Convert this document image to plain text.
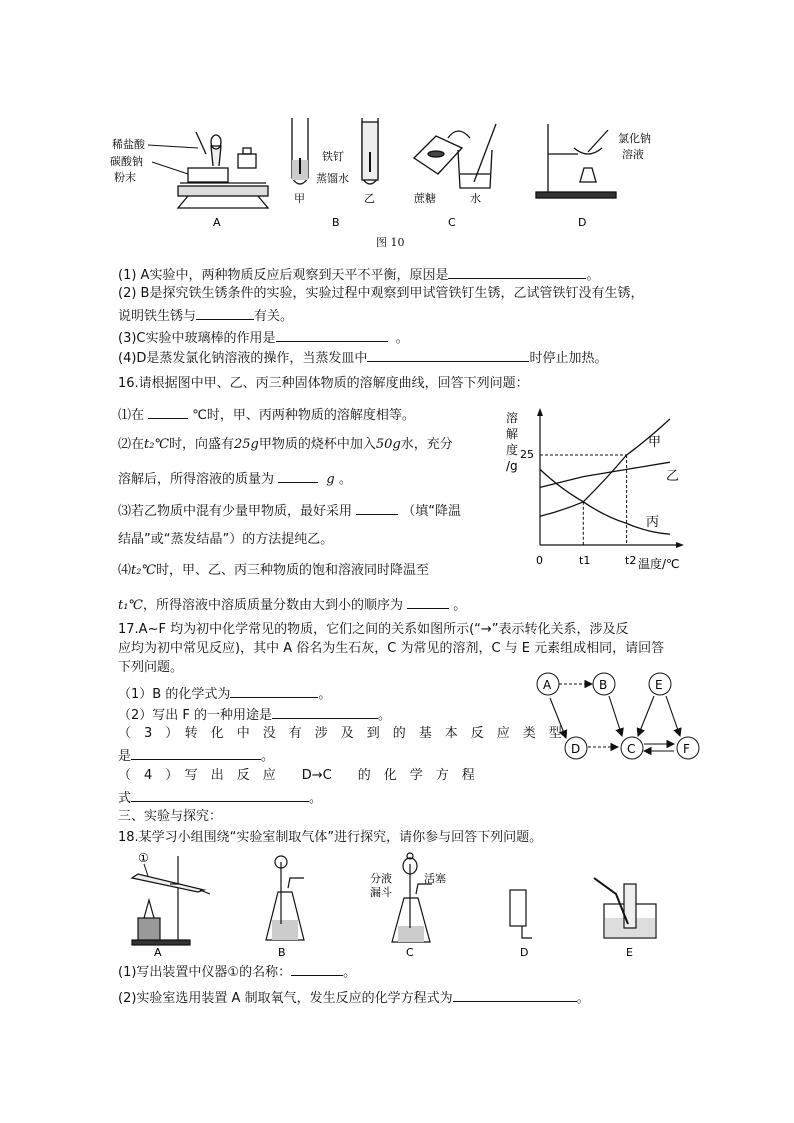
稀盐酸
碳酸钠
粉末
A
铁钉
蒸馏水
甲	乙
B
蔗糖	水
C
氯化钠
溶液
D
图 10
(1) A实验中，两种物质反应后观察到天平不平衡，原因是	。
(2) B是探究铁生锈条件的实验，实验过程中观察到甲试管铁钉生锈，乙试管铁钉没有生锈，
说明铁生锈与	有关。
(3)C实验中玻璃棒的作用是	。
(4)D是蒸发氯化钠溶液的操作，当蒸发皿中	时停止加热。
16.请根据图中甲、乙、丙三种固体物质的溶解度曲线，回答下列问题：
⑴在	℃时，甲、丙两种物质的溶解度相等。
⑵在t₂℃时，向盛有25g甲物质的烧杯中加入50g水，充分
溶解后，所得溶液的质量为	g 。
⑶若乙物质中混有少量甲物质，最好采用	（填“降温
结晶”或“蒸发结晶”）的方法提纯乙。
⑷t₂℃时，甲、乙、丙三种物质的饱和溶液同时降温至
t₁℃，所得溶液中溶质质量分数由大到小的顺序为	。
溶
解
度
/g
25
0	t1	t2 温度/℃
甲
乙
丙
17.A~F 均为初中化学常见的物质，它们之间的关系如图所示(“→”表示转化关系，涉及反
应均为初中常见反应)，其中 A 俗名为生石灰，C 为常见的溶剂，C 与 E 元素组成相同，请回答
下列问题。
（1）B 的化学式为	。
（2）写出 F 的一种用途是	。
（　3　）　转　化　中　没　有　涉　及　到　的　基　本　反　应　类　型
是	。
（　4　）　写　出　反　应　　D→C　　的　化　学　方　程
式	。
A	B	E
D	C	F
三、实验与探究：
18.某学习小组围绕“实验室制取气体”进行探究，请你参与回答下列问题。
①
A	B
分液
漏斗
活塞
C	D	E
(1)写出装置中仪器①的名称：	。
(2)实验室选用装置 A 制取氧气，发生反应的化学方程式为	。
